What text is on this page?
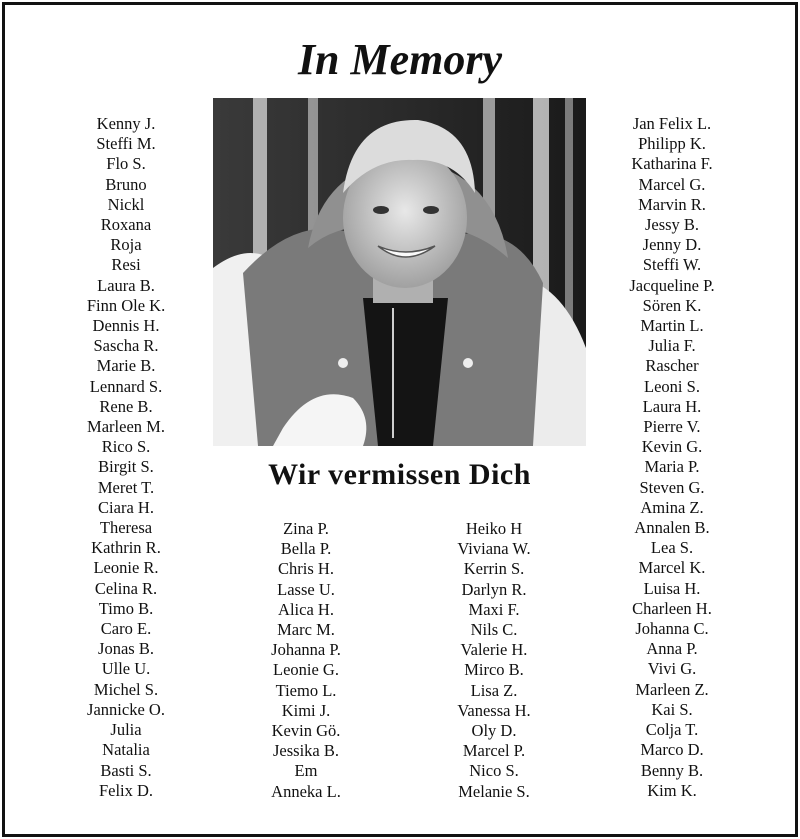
In Memory
Kenny J.
Steffi M.
Flo S.
Bruno
Nickl
Roxana
Roja
Resi
Laura B.
Finn Ole K.
Dennis H.
Sascha R.
Marie B.
Lennard S.
Rene B.
Marleen M.
Rico S.
Birgit S.
Meret T.
Ciara H.
Theresa
Kathrin R.
Leonie R.
Celina R.
Timo B.
Caro E.
Jonas B.
Ulle U.
Michel S.
Jannicke O.
Julia
Natalia
Basti S.
Felix D.
Wir vermissen Dich
Jan Felix L.
Philipp K.
Katharina F.
Marcel G.
Marvin R.
Jessy B.
Jenny D.
Steffi W.
Jacqueline P.
Sören K.
Martin L.
Julia F.
Rascher
Leoni S.
Laura H.
Pierre V.
Kevin G.
Maria P.
Steven G.
Amina Z.
Annalen B.
Lea S.
Marcel K.
Luisa H.
Charleen H.
Johanna C.
Anna P.
Vivi G.
Marleen Z.
Kai S.
Colja T.
Marco D.
Benny B.
Kim K.
Zina P.
Bella P.
Chris H.
Lasse U.
Alica H.
Marc M.
Johanna P.
Leonie G.
Tiemo L.
Kimi J.
Kevin Gö.
Jessika B.
Em
Anneka L.
Heiko H
Viviana W.
Kerrin S.
Darlyn R.
Maxi F.
Nils C.
Valerie H.
Mirco B.
Lisa Z.
Vanessa H.
Oly D.
Marcel P.
Nico S.
Melanie S.
